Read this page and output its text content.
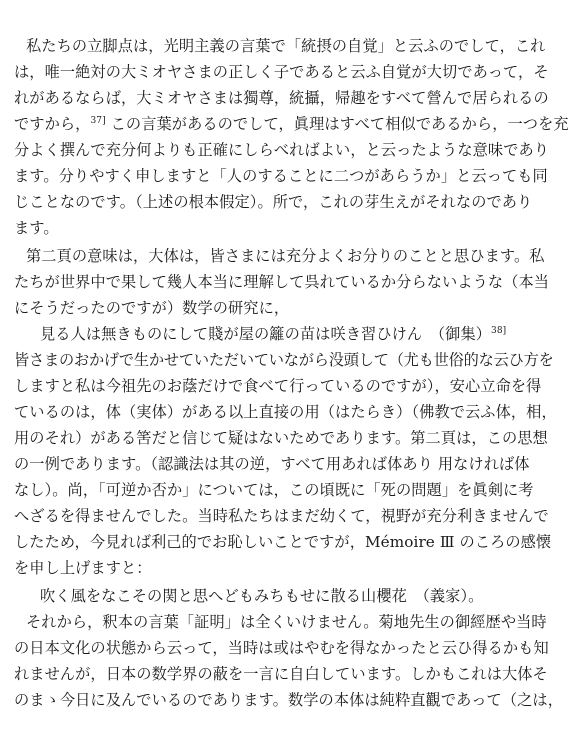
私たちの立脚点は，光明主義の言葉で「統摂の自覚」と云ふのでして，これ
は，唯一絶対の大ミオヤさまの正しく子であると云ふ自覚が大切であって，そ
れがあるならば，大ミオヤさまは獨尊，統攝，帰趣をすべて營んで居られるの
ですから，$^{37]}$ この言葉があるのでして，眞理はすべて相似であるから，一つを充
分よく撰んで充分何よりも正確にしらべればよい，と云ったような意味であり
ます。分りやすく申しますと「人のすることに二つがあらうか」と云っても同
じことなのです。（上述の根本假定）。所で，これの芽生えがそれなのであり
ます。
第二頁の意味は，大体は，皆さまには充分よくお分りのことと思ひます。私
たちが世界中で果して幾人本当に理解して呉れているか分らないような（本当
にそうだったのですが）数学の研究に，
見る人は無きものにして賤が屋の籬の苗は咲き習ひけん　（御集）$^{38]}$
皆さまのおかげで生かせていただいていながら没頭して（尤も世俗的な云ひ方を
しますと私は今祖先のお蔭だけで食べて行っているのですが），安心立命を得
ているのは，体（実体）がある以上直接の用（はたらき）（佛教で云ふ体，相，
用のそれ）がある筈だと信じて疑はないためであります。第二頁は，この思想
の一例であります。（認識法は其の逆，すべて用あれば体あり 用なければ体
なし）。尚，「可逆か否か」については，この頃既に「死の問題」を眞剣に考
へざるを得ませんでした。当時私たちはまだ幼くて，視野が充分利きませんで
したため，今見れば利己的でお恥しいことですが，Mémoire Ⅲ のころの感懐
を申し上げますと：
吹く風をなこその関と思へどもみちもせに散る山櫻花　（義家）。
それから，釈本の言葉「証明」は全くいけません。菊地先生の御經歴や当時
の日本文化の状態から云って，当時は或はやむを得なかったと云ひ得るかも知
れませんが，日本の数学界の蔽を一言に自白しています。しかもこれは大体そ
のまゝ今日に及んでいるのであります。数学の本体は純粋直觀であって（之は，
